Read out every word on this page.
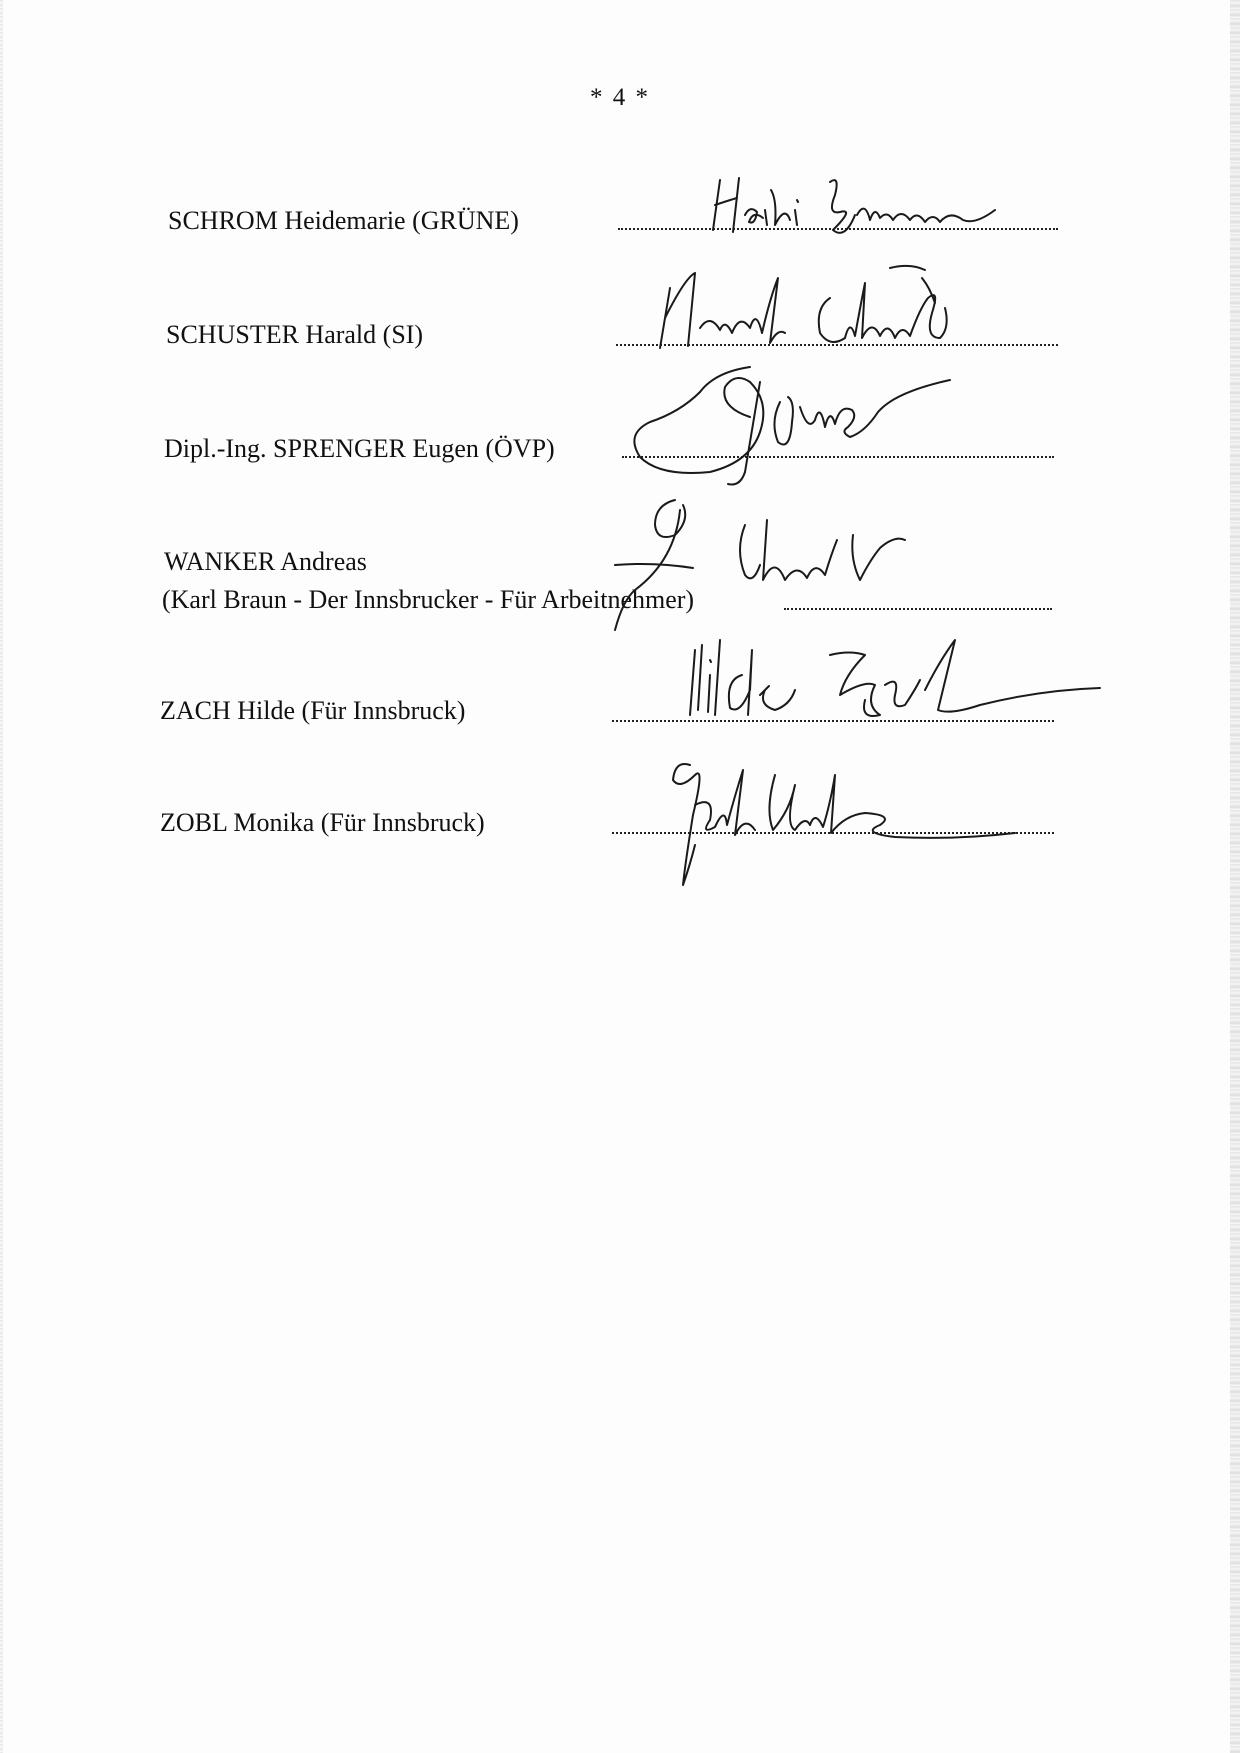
* 4 *
SCHROM Heidemarie (GRÜNE)
SCHUSTER Harald (SI)
Dipl.-Ing. SPRENGER Eugen (ÖVP)
WANKER Andreas
(Karl Braun - Der Innsbrucker - Für Arbeitnehmer)
ZACH Hilde (Für Innsbruck)
ZOBL Monika (Für Innsbruck)
